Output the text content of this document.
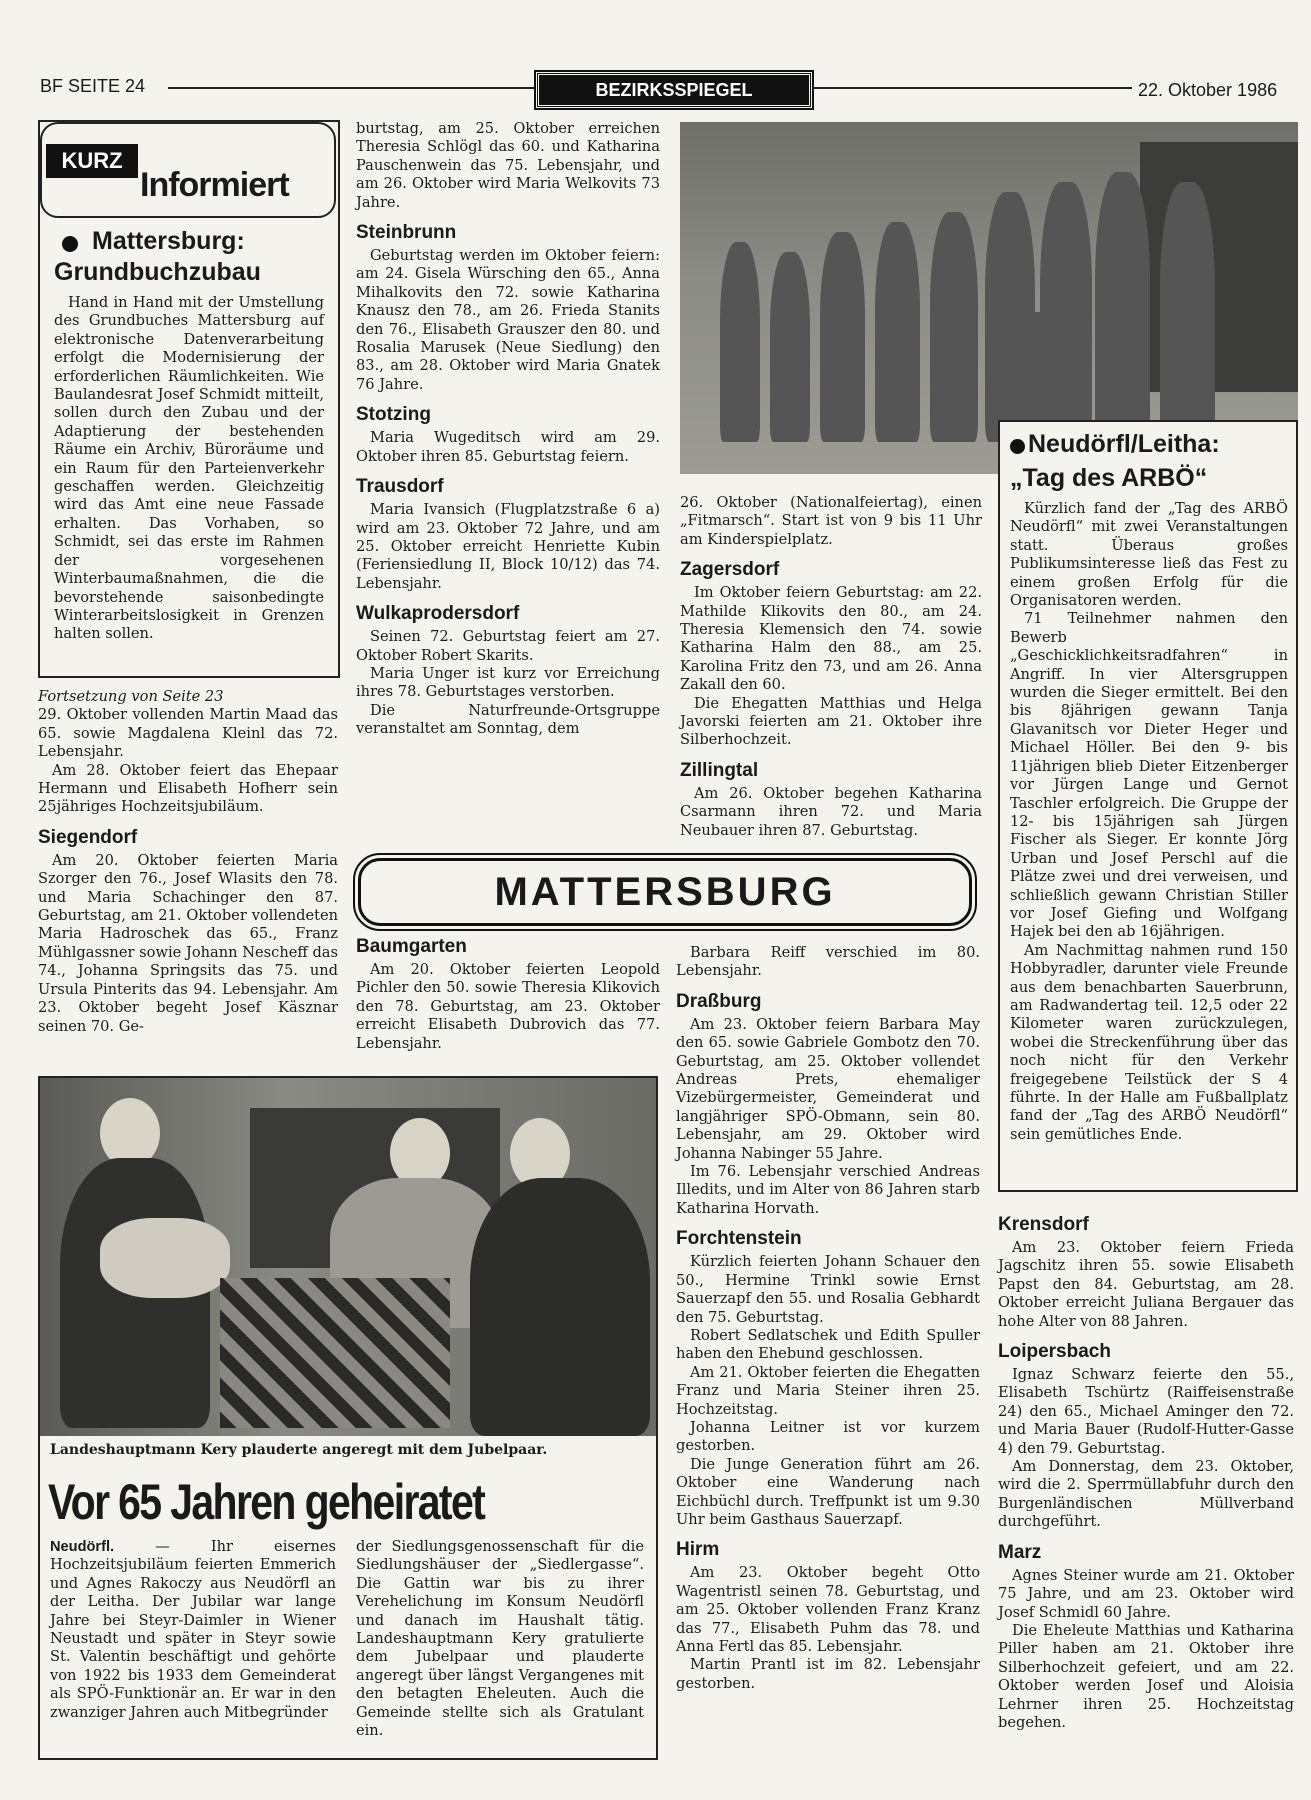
BF SEITE 24	BEZIRKSSPIEGEL	22. Oktober 1986
KURZ
Informiert
Mattersburg: Grundbuchzubau
Hand in Hand mit der Umstellung des Grundbuches Mattersburg auf elektronische Datenverarbeitung erfolgt die Modernisierung der erforderlichen Räumlichkeiten. Wie Baulandesrat Josef Schmidt mitteilt, sollen durch den Zubau und der Adaptierung der bestehenden Räume ein Archiv, Büroräume und ein Raum für den Parteienverkehr geschaffen werden. Gleichzeitig wird das Amt eine neue Fassade erhalten. Das Vorhaben, so Schmidt, sei das erste im Rahmen der vorgesehenen Winterbaumaßnahmen, die die bevorstehende saisonbedingte Winterarbeitslosigkeit in Grenzen halten sollen.

Fortsetzung von Seite 23

29. Oktober vollenden Martin Maad das 65. sowie Magdalena Kleinl das 72. Lebensjahr.

Am 28. Oktober feiert das Ehepaar Hermann und Elisabeth Hofherr sein 25jähriges Hochzeitsjubiläum.

Siegendorf

Am 20. Oktober feierten Maria Szorger den 76., Josef Wlasits den 78. und Maria Schachinger den 87. Geburtstag, am 21. Oktober vollendeten Maria Hadroschek das 65., Franz Mühlgassner sowie Johann Nescheff das 74., Johanna Springsits das 75. und Ursula Pinterits das 94. Lebensjahr. Am 23. Oktober begeht Josef Käsznar seinen 70. Ge-

burtstag, am 25. Oktober erreichen Theresia Schlögl das 60. und Katharina Pauschenwein das 75. Lebensjahr, und am 26. Oktober wird Maria Welkovits 73 Jahre.

Steinbrunn

Geburtstag werden im Oktober feiern: am 24. Gisela Würsching den 65., Anna Mihalkovits den 72. sowie Katharina Knausz den 78., am 26. Frieda Stanits den 76., Elisabeth Grauszer den 80. und Rosalia Marusek (Neue Siedlung) den 83., am 28. Oktober wird Maria Gnatek 76 Jahre.

Stotzing

Maria Wugeditsch wird am 29. Oktober ihren 85. Geburtstag feiern.

Trausdorf

Maria Ivansich (Flugplatzstraße 6 a) wird am 23. Oktober 72 Jahre, und am 25. Oktober erreicht Henriette Kubin (Feriensiedlung II, Block 10/12) das 74. Lebensjahr.

Wulkaprodersdorf

Seinen 72. Geburtstag feiert am 27. Oktober Robert Skarits.

Maria Unger ist kurz vor Erreichung ihres 78. Geburtstages verstorben.

Die Naturfreunde-Ortsgruppe veranstaltet am Sonntag, dem

26. Oktober (Nationalfeiertag), einen „Fitmarsch“. Start ist von 9 bis 11 Uhr am Kinderspielplatz.

Zagersdorf

Im Oktober feiern Geburtstag: am 22. Mathilde Klikovits den 80., am 24. Theresia Klemensich den 74. sowie Katharina Halm den 88., am 25. Karolina Fritz den 73, und am 26. Anna Zakall den 60.

Die Ehegatten Matthias und Helga Javorski feierten am 21. Oktober ihre Silberhochzeit.

Zillingtal

Am 26. Oktober begehen Katharina Csarmann ihren 72. und Maria Neubauer ihren 87. Geburtstag.

Neudörfl/Leitha:
„Tag des ARBÖ“

Kürzlich fand der „Tag des ARBÖ Neudörfl“ mit zwei Veranstaltungen statt. Überaus großes Publikumsinteresse ließ das Fest zu einem großen Erfolg für die Organisatoren werden.

71 Teilnehmer nahmen den Bewerb „Geschicklichkeitsradfahren“ in Angriff. In vier Altersgruppen wurden die Sieger ermittelt. Bei den bis 8jährigen gewann Tanja Glavanitsch vor Dieter Heger und Michael Höller. Bei den 9- bis 11jährigen blieb Dieter Eitzenberger vor Jürgen Lange und Gernot Taschler erfolgreich. Die Gruppe der 12- bis 15jährigen sah Jürgen Fischer als Sieger. Er konnte Jörg Urban und Josef Perschl auf die Plätze zwei und drei verweisen, und schließlich gewann Christian Stiller vor Josef Giefing und Wolfgang Hajek bei den ab 16jährigen.

Am Nachmittag nahmen rund 150 Hobbyradler, darunter viele Freunde aus dem benachbarten Sauerbrunn, am Radwandertag teil. 12,5 oder 22 Kilometer waren zurückzulegen, wobei die Streckenführung über das noch nicht für den Verkehr freigegebene Teilstück der S 4 führte. In der Halle am Fußballplatz fand der „Tag des ARBÖ Neudörfl“ sein gemütliches Ende.

MATTERSBURG
Baumgarten

Am 20. Oktober feierten Leopold Pichler den 50. sowie Theresia Klikovich den 78. Geburtstag, am 23. Oktober erreicht Elisabeth Dubrovich das 77. Lebensjahr.

Barbara Reiff verschied im 80. Lebensjahr.

Draßburg

Am 23. Oktober feiern Barbara May den 65. sowie Gabriele Gombotz den 70. Geburtstag, am 25. Oktober vollendet Andreas Prets, ehemaliger Vizebürgermeister, Gemeinderat und langjähriger SPÖ-Obmann, sein 80. Lebensjahr, am 29. Oktober wird Johanna Nabinger 55 Jahre.

Im 76. Lebensjahr verschied Andreas Illedits, und im Alter von 86 Jahren starb Katharina Horvath.

Forchtenstein

Kürzlich feierten Johann Schauer den 50., Hermine Trinkl sowie Ernst Sauerzapf den 55. und Rosalia Gebhardt den 75. Geburtstag.

Robert Sedlatschek und Edith Spuller haben den Ehebund geschlossen.

Am 21. Oktober feierten die Ehegatten Franz und Maria Steiner ihren 25. Hochzeitstag.

Johanna Leitner ist vor kurzem gestorben.

Die Junge Generation führt am 26. Oktober eine Wanderung nach Eichbüchl durch. Treffpunkt ist um 9.30 Uhr beim Gasthaus Sauerzapf.

Hirm

Am 23. Oktober begeht Otto Wagentristl seinen 78. Geburtstag, und am 25. Oktober vollenden Franz Kranz das 77., Elisabeth Puhm das 78. und Anna Fertl das 85. Lebensjahr.

Martin Prantl ist im 82. Lebensjahr gestorben.

Krensdorf

Am 23. Oktober feiern Frieda Jagschitz ihren 55. sowie Elisabeth Papst den 84. Geburtstag, am 28. Oktober erreicht Juliana Bergauer das hohe Alter von 88 Jahren.

Loipersbach

Ignaz Schwarz feierte den 55., Elisabeth Tschürtz (Raiffeisenstraße 24) den 65., Michael Aminger den 72. und Maria Bauer (Rudolf-Hutter-Gasse 4) den 79. Geburtstag.

Am Donnerstag, dem 23. Oktober, wird die 2. Sperrmüllabfuhr durch den Burgenländischen Müllverband durchgeführt.

Marz

Agnes Steiner wurde am 21. Oktober 75 Jahre, und am 23. Oktober wird Josef Schmidl 60 Jahre.

Die Eheleute Matthias und Katharina Piller haben am 21. Oktober ihre Silberhochzeit gefeiert, und am 22. Oktober werden Josef und Aloisia Lehrner ihren 25. Hochzeitstag begehen.

Landeshauptmann Kery plauderte angeregt mit dem Jubelpaar.
Vor 65 Jahren geheiratet
Neudörfl. — Ihr eisernes Hochzeitsjubiläum feierten Emmerich und Agnes Rakoczy aus Neudörfl an der Leitha. Der Jubilar war lange Jahre bei Steyr-Daimler in Wiener Neustadt und später in Steyr sowie St. Valentin beschäftigt und gehörte von 1922 bis 1933 dem Gemeinderat als SPÖ-Funktionär an. Er war in den zwanziger Jahren auch Mitbegründer
der Siedlungsgenossenschaft für die Siedlungshäuser der „Siedlergasse“. Die Gattin war bis zu ihrer Verehelichung im Konsum Neudörfl und danach im Haushalt tätig. Landeshauptmann Kery gratulierte dem Jubelpaar und plauderte angeregt über längst Vergangenes mit den betagten Eheleuten. Auch die Gemeinde stellte sich als Gratulant ein.
